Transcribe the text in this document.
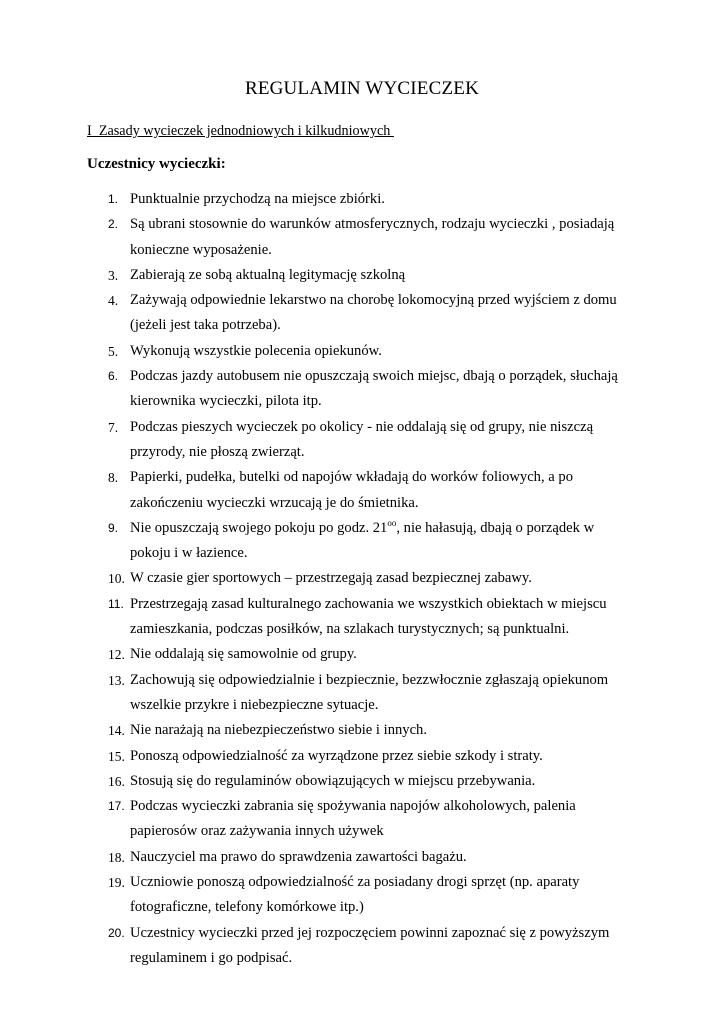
REGULAMIN WYCIECZEK
I  Zasady wycieczek jednodniowych i kilkudniowych
Uczestnicy wycieczki:
1. Punktualnie przychodzą na miejsce zbiórki.
2. Są ubrani stosownie do warunków atmosferycznych, rodzaju wycieczki , posiadają
konieczne wyposażenie.
3. Zabierają ze sobą aktualną legitymację szkolną
4. Zażywają odpowiednie lekarstwo na chorobę lokomocyjną przed wyjściem z domu
(jeżeli jest taka potrzeba).
5. Wykonują wszystkie polecenia opiekunów.
6. Podczas jazdy autobusem nie opuszczają swoich miejsc, dbają o porządek, słuchają
kierownika wycieczki, pilota itp.
7. Podczas pieszych wycieczek po okolicy - nie oddalają się od grupy, nie niszczą
przyrody, nie płoszą zwierząt.
8. Papierki, pudełka, butelki od napojów wkładają do worków foliowych, a po
zakończeniu wycieczki wrzucają je do śmietnika.
9. Nie opuszczają swojego pokoju po godz. $21^{oo}$, nie hałasują, dbają o porządek w
pokoju i w łazience.
10. W czasie gier sportowych – przestrzegają zasad bezpiecznej zabawy.
11. Przestrzegają zasad kulturalnego zachowania we wszystkich obiektach w miejscu
zamieszkania, podczas posiłków, na szlakach turystycznych; są punktualni.
12. Nie oddalają się samowolnie od grupy.
13. Zachowują się odpowiedzialnie i bezpiecznie, bezzwłocznie zgłaszają opiekunom
wszelkie przykre i niebezpieczne sytuacje.
14. Nie narażają na niebezpieczeństwo siebie i innych.
15. Ponoszą odpowiedzialność za wyrządzone przez siebie szkody i straty.
16. Stosują się do regulaminów obowiązujących w miejscu przebywania.
17. Podczas wycieczki zabrania się spożywania napojów alkoholowych, palenia
papierosów oraz zażywania innych używek
18. Nauczyciel ma prawo do sprawdzenia zawartości bagażu.
19. Uczniowie ponoszą odpowiedzialność za posiadany drogi sprzęt (np. aparaty
fotograficzne, telefony komórkowe itp.)
20. Uczestnicy wycieczki przed jej rozpoczęciem powinni zapoznać się z powyższym
regulaminem i go podpisać.
